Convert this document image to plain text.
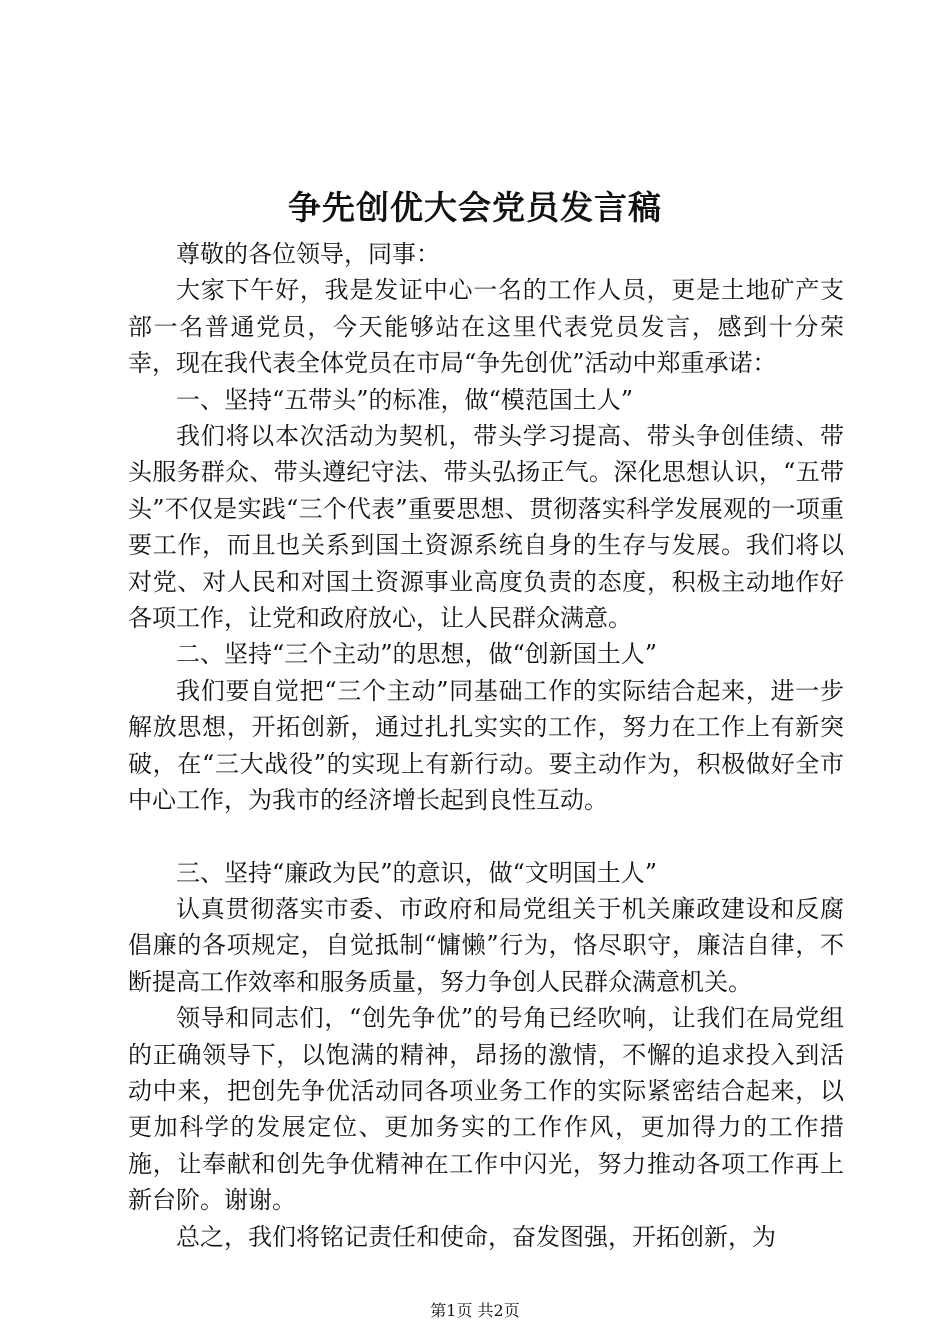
争先创优大会党员发言稿

尊敬的各位领导，同事：

大家下午好，我是发证中心一名的工作人员，更是土地矿产支部一名普通党员，今天能够站在这里代表党员发言，感到十分荣幸，现在我代表全体党员在市局“争先创优”活动中郑重承诺：

一、坚持“五带头”的标准，做“模范国土人”

我们将以本次活动为契机，带头学习提高、带头争创佳绩、带头服务群众、带头遵纪守法、带头弘扬正气。深化思想认识，“五带头”不仅是实践“三个代表”重要思想、贯彻落实科学发展观的一项重要工作，而且也关系到国土资源系统自身的生存与发展。我们将以对党、对人民和对国土资源事业高度负责的态度，积极主动地作好各项工作，让党和政府放心，让人民群众满意。

二、坚持“三个主动”的思想，做“创新国土人”

我们要自觉把“三个主动”同基础工作的实际结合起来，进一步解放思想，开拓创新，通过扎扎实实的工作，努力在工作上有新突破，在“三大战役”的实现上有新行动。要主动作为，积极做好全市中心工作，为我市的经济增长起到良性互动。

三、坚持“廉政为民”的意识，做“文明国土人”

认真贯彻落实市委、市政府和局党组关于机关廉政建设和反腐倡廉的各项规定，自觉抵制“慵懒”行为，恪尽职守，廉洁自律，不断提高工作效率和服务质量，努力争创人民群众满意机关。

领导和同志们，“创先争优”的号角已经吹响，让我们在局党组的正确领导下，以饱满的精神，昂扬的激情，不懈的追求投入到活动中来，把创先争优活动同各项业务工作的实际紧密结合起来，以更加科学的发展定位、更加务实的工作作风，更加得力的工作措施，让奉献和创先争优精神在工作中闪光，努力推动各项工作再上新台阶。谢谢。

总之，我们将铭记责任和使命，奋发图强，开拓创新，为

第1页 共2页
